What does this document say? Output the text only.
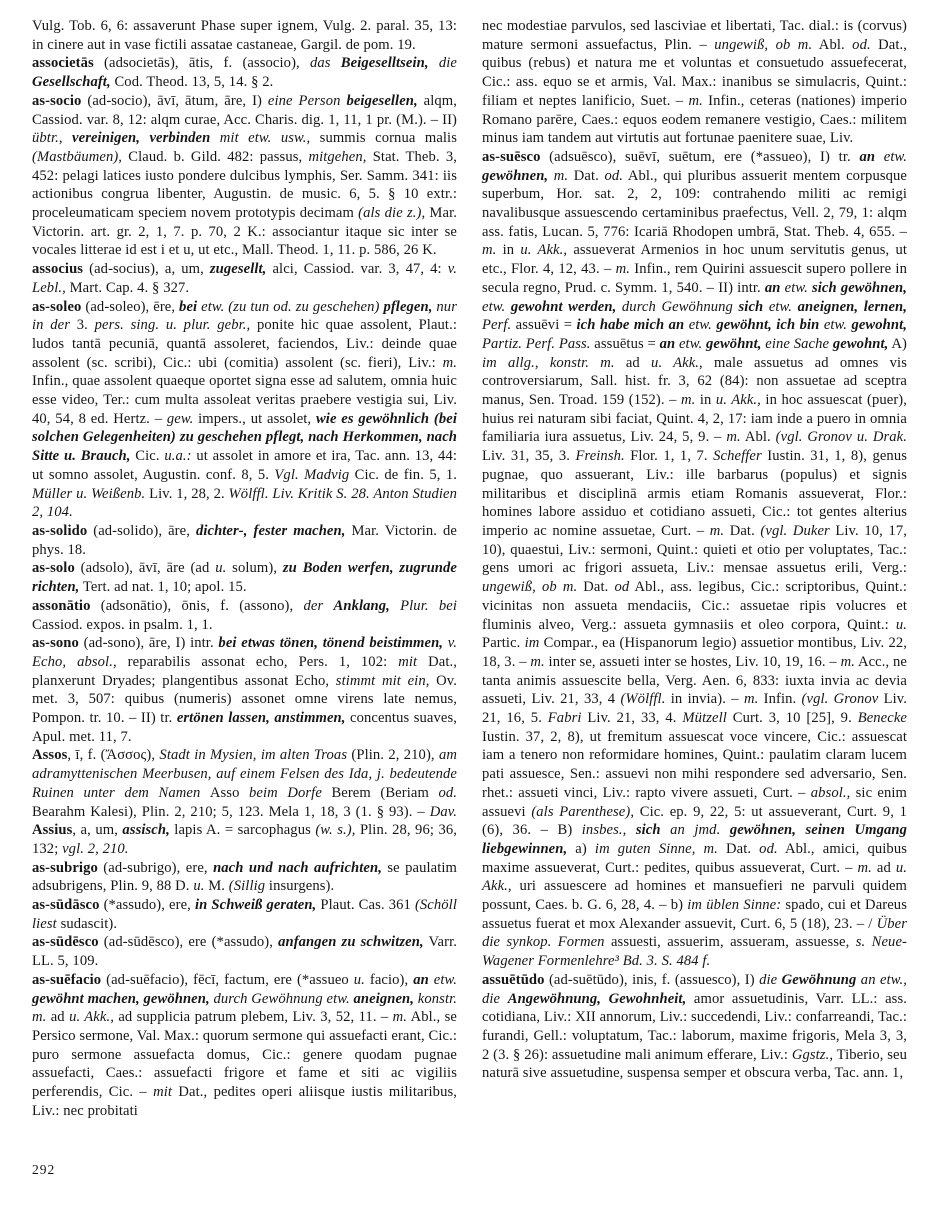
Vulg. Tob. 6, 6: assaverunt Phase super ignem, Vulg. 2. paral. 35, 13: in cinere aut in vase fictili assatae castaneae, Gargil. de pom. 19.

associetās (adsocietās), ātis, f. (associo), das Beigeselltsein, die Gesellschaft, Cod. Theod. 13, 5, 14. § 2.

as-socio (ad-socio), āvī, ātum, āre, I) eine Person beigesellen, alqm, Cassiod. var. 8, 12: alqm curae, Acc. Charis. dig. 1, 11, 1 pr. (M.). – II) übtr., vereinigen, verbinden mit etw. usw., summis cornua malis (Mastbäumen), Claud. b. Gild. 482: passus, mitgehen, Stat. Theb. 3, 452: pelagi latices iusto pondere dulcibus lymphis, Ser. Samm. 341: iis actionibus congrua libenter, Augustin. de music. 6, 5. § 10 extr.: proceleumaticam speciem novem prototypis decimam (als die z.), Mar. Victorin. art. gr. 2, 1, 7. p. 70, 2 K.: associantur itaque sic inter se vocales litterae id est i et u, ut etc., Mall. Theod. 1, 11. p. 586, 26 K.

associus (ad-socius), a, um, zugesellt, alci, Cassiod. var. 3, 47, 4: v. Lebl., Mart. Cap. 4. § 327.

as-soleo (ad-soleo), ēre, bei etw. (zu tun od. zu geschehen) pflegen, nur in der 3. pers. sing. u. plur. gebr., ponite hic quae assolent, Plaut.: ludos tantā pecuniā, quantā assoleret, faciendos, Liv.: deinde quae assolent (sc. scribi), Cic.: ubi (comitia) assolent (sc. fieri), Liv.: m. Infin., quae assolent quaeque oportet signa esse ad salutem, omnia huic esse video, Ter.: cum multa assoleat veritas praebere vestigia sui, Liv. 40, 54, 8 ed. Hertz. – gew. impers., ut assolet, wie es gewöhnlich (bei solchen Gelegenheiten) zu geschehen pflegt, nach Herkommen, nach Sitte u. Brauch, Cic. u.a.: ut assolet in amore et ira, Tac. ann. 13, 44: ut somno assolet, Augustin. conf. 8, 5. Vgl. Madvig Cic. de fin. 5, 1. Müller u. Weißenb. Liv. 1, 28, 2. Wölffl. Liv. Kritik S. 28. Anton Studien 2, 104.

as-solido (ad-solido), āre, dichter-, fester machen, Mar. Victorin. de phys. 18.

as-solo (adsolo), āvī, āre (ad u. solum), zu Boden werfen, zugrunde richten, Tert. ad nat. 1, 10; apol. 15.

assonātio (adsonātio), ōnis, f. (assono), der Anklang, Plur. bei Cassiod. expos. in psalm. 1, 1.

as-sono (ad-sono), āre, I) intr. bei etwas tönen, tönend beistimmen, v. Echo, absol., reparabilis assonat echo, Pers. 1, 102: mit Dat., planxerunt Dryades; plangentibus assonat Echo, stimmt mit ein, Ov. met. 3, 507: quibus (numeris) assonet omne virens late nemus, Pompon. tr. 10. – II) tr. ertönen lassen, anstimmen, concentus suaves, Apul. met. 11, 7.

Assos, ī, f. (Ἄσσος), Stadt in Mysien, im alten Troas (Plin. 2, 210), am adramyttenischen Meerbusen, auf einem Felsen des Ida, j. bedeutende Ruinen unter dem Namen Asso beim Dorfe Berem (Beriam od. Bearahm Kalesi), Plin. 2, 210; 5, 123. Mela 1, 18, 3 (1. § 93). – Dav. Assius, a, um, assisch, lapis A. = sarcophagus (w. s.), Plin. 28, 96; 36, 132; vgl. 2, 210.

as-subrigo (ad-subrigo), ere, nach und nach aufrichten, se paulatim adsubrigens, Plin. 9, 88 D. u. M. (Sillig insurgens).

as-sūdāsco (*assudo), ere, in Schweiß geraten, Plaut. Cas. 361 (Schöll liest sudascit).

as-sūdēsco (ad-sūdēsco), ere (*assudo), anfangen zu schwitzen, Varr. LL. 5, 109.

as-suēfacio (ad-suēfacio), fēcī, factum, ere (*assueo u. facio), an etw. gewöhnt machen, gewöhnen, durch Gewöhnung etw. aneignen, konstr. m. ad u. Akk., ad supplicia patrum plebem, Liv. 3, 52, 11. – m. Abl., se Persico sermone, Val. Max.: quorum sermone qui assuefacti erant, Cic.: puro sermone assuefacta domus, Cic.: genere quodam pugnae assuefacti, Caes.: assuefacti frigore et fame et siti ac vigiliis perferendis, Cic. – mit Dat., pedites operi aliisque iustis militaribus, Liv.: nec probitati

nec modestiae parvulos, sed lasciviae et libertati, Tac. dial.: is (corvus) mature sermoni assuefactus, Plin. – ungewiß, ob m. Abl. od. Dat., quibus (rebus) et natura me et voluntas et consuetudo assuefecerat, Cic.: ass. equo se et armis, Val. Max.: inanibus se simulacris, Quint.: filiam et neptes lanificio, Suet. – m. Infin., ceteras (nationes) imperio Romano parēre, Caes.: equos eodem remanere vestigio, Caes.: militem minus iam tandem aut virtutis aut fortunae paenitere suae, Liv.

as-suēsco (adsuēsco), suēvī, suētum, ere (*assueo), I) tr. an etw. gewöhnen, m. Dat. od. Abl., qui pluribus assuerit mentem corpusque superbum, Hor. sat. 2, 2, 109: contrahendo militi ac remigi navalibusque assuescendo certaminibus praefectus, Vell. 2, 79, 1: alqm ass. fatis, Lucan. 5, 776: Icariā Rhodopen umbrā, Stat. Theb. 4, 655. – m. in u. Akk., assueverat Armenios in hoc unum servitutis genus, ut etc., Flor. 4, 12, 43. – m. Infin., rem Quirini assuescit supero pollere in secula regno, Prud. c. Symm. 1, 540. – II) intr. an etw. sich gewöhnen, etw. gewohnt werden, durch Gewöhnung sich etw. aneignen, lernen, Perf. assuēvi = ich habe mich an etw. gewöhnt, ich bin etw. gewohnt, Partiz. Perf. Pass. assuētus = an etw. gewöhnt, eine Sache gewohnt, A) im allg., konstr. m. ad u. Akk., male assuetus ad omnes vis controversiarum, Sall. hist. fr. 3, 62 (84): non assuetae ad sceptra manus, Sen. Troad. 159 (152). – m. in u. Akk., in hoc assuescat (puer), huius rei naturam sibi faciat, Quint. 4, 2, 17: iam inde a puero in omnia familiaria iura assuetus, Liv. 24, 5, 9. – m. Abl. (vgl. Gronov u. Drak. Liv. 31, 35, 3. Freinsh. Flor. 1, 1, 7. Scheffer Iustin. 31, 1, 8), genus pugnae, quo assuerant, Liv.: ille barbarus (populus) et signis militaribus et disciplinā armis etiam Romanis assueverat, Flor.: homines labore assiduo et cotidiano assueti, Cic.: tot gentes alterius imperio ac nomine assuetae, Curt. – m. Dat. (vgl. Duker Liv. 10, 17, 10), quaestui, Liv.: sermoni, Quint.: quieti et otio per voluptates, Tac.: gens umori ac frigori assueta, Liv.: mensae assuetus erili, Verg.: ungewiß, ob m. Dat. od Abl., ass. legibus, Cic.: scriptoribus, Quint.: vicinitas non assueta mendaciis, Cic.: assuetae ripis volucres et fluminis alveo, Verg.: assueta gymnasiis et oleo corpora, Quint.: u. Partic. im Compar., ea (Hispanorum legio) assuetior montibus, Liv. 22, 18, 3. – m. inter se, assueti inter se hostes, Liv. 10, 19, 16. – m. Acc., ne tanta animis assuescite bella, Verg. Aen. 6, 833: iuxta invia ac devia assueti, Liv. 21, 33, 4 (Wölffl. in invia). – m. Infin. (vgl. Gronov Liv. 21, 16, 5. Fabri Liv. 21, 33, 4. Mützell Curt. 3, 10 [25], 9. Benecke Iustin. 37, 2, 8), ut fremitum assuescat voce vincere, Cic.: assuescat iam a tenero non reformidare homines, Quint.: paulatim claram lucem pati assuesce, Sen.: assuevi non mihi respondere sed adversario, Sen. rhet.: assueti vinci, Liv.: rapto vivere assueti, Curt. – absol., sic enim assuevi (als Parenthese), Cic. ep. 9, 22, 5: ut assueverant, Curt. 9, 1 (6), 36. – B) insbes., sich an jmd. gewöhnen, seinen Umgang liebgewinnen, a) im guten Sinne, m. Dat. od. Abl., amici, quibus maxime assueverat, Curt.: pedites, quibus assueverat, Curt. – m. ad u. Akk., uri assuescere ad homines et mansuefieri ne parvuli quidem possunt, Caes. b. G. 6, 28, 4. – b) im üblen Sinne: spado, cui et Dareus assuetus fuerat et mox Alexander assuevit, Curt. 6, 5 (18), 23. – / Über die synkop. Formen assuesti, assuerim, assueram, assuesse, s. Neue-Wagener Formenlehre³ Bd. 3. S. 484 f.

assuētūdo (ad-suētūdo), inis, f. (assuesco), I) die Gewöhnung an etw., die Angewöhnung, Gewohnheit, amor assuetudinis, Varr. LL.: ass. cotidiana, Liv.: XII annorum, Liv.: succedendi, Liv.: confarreandi, Tac.: furandi, Gell.: voluptatum, Tac.: laborum, maxime frigoris, Mela 3, 3, 2 (3. § 26): assuetudine mali animum efferare, Liv.: Ggstz., Tiberio, seu naturā sive assuetudine, suspensa semper et obscura verba, Tac. ann. 1,

292
